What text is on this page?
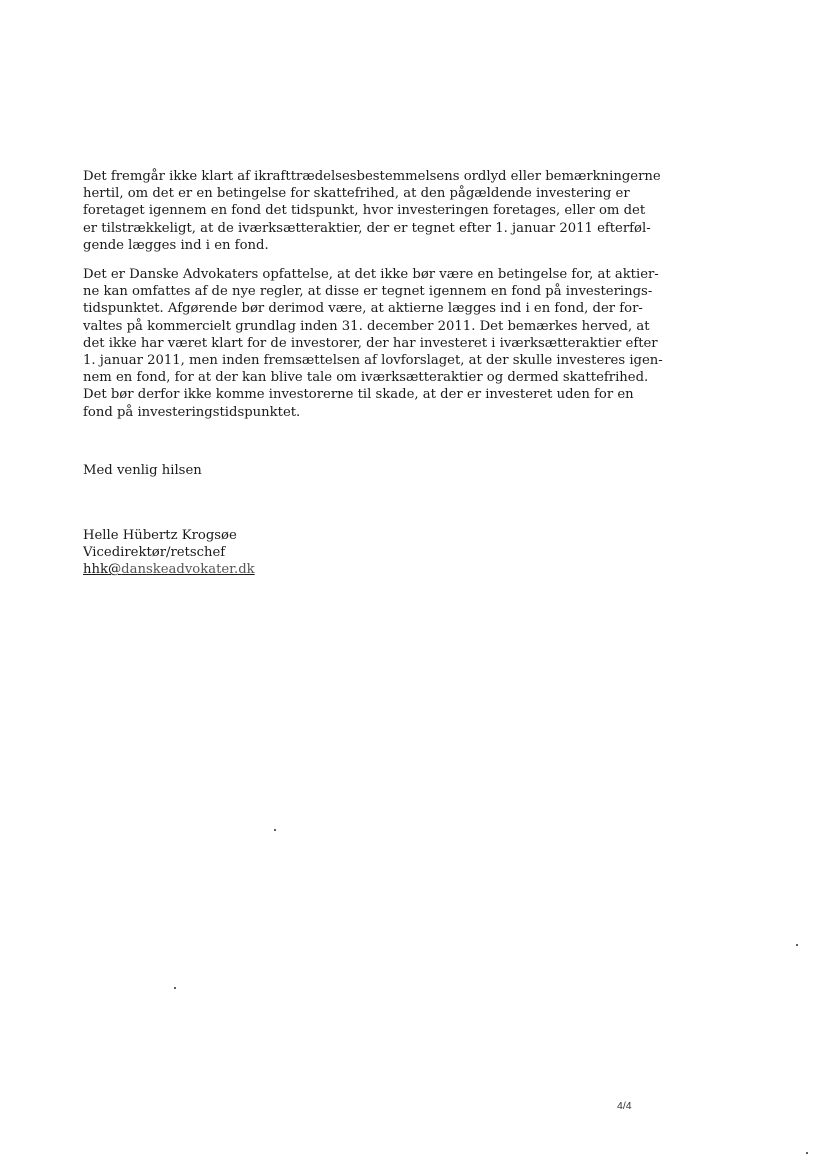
Det fremgår ikke klart af ikrafttrædelsesbestemmelsens ordlyd eller bemærkningerne
hertil, om det er en betingelse for skattefrihed, at den pågældende investering er
foretaget igennem en fond det tidspunkt, hvor investeringen foretages, eller om det
er tilstrækkeligt, at de iværksætteraktier, der er tegnet efter 1. januar 2011 efterføl-
gende lægges ind i en fond.
Det er Danske Advokaters opfattelse, at det ikke bør være en betingelse for, at aktier-
ne kan omfattes af de nye regler, at disse er tegnet igennem en fond på investerings-
tidspunktet. Afgørende bør derimod være, at aktierne lægges ind i en fond, der for-
valtes på kommercielt grundlag inden 31. december 2011. Det bemærkes herved, at
det ikke har været klart for de investorer, der har investeret i iværksætteraktier efter
1. januar 2011, men inden fremsættelsen af lovforslaget, at der skulle investeres igen-
nem en fond, for at der kan blive tale om iværksætteraktier og dermed skattefrihed.
Det bør derfor ikke komme investorerne til skade, at der er investeret uden for en
fond på investeringstidspunktet.
Med venlig hilsen
Helle Hübertz Krogsøe
Vicedirektør/retschef
hhk@danskeadvokater.dk
4/4
